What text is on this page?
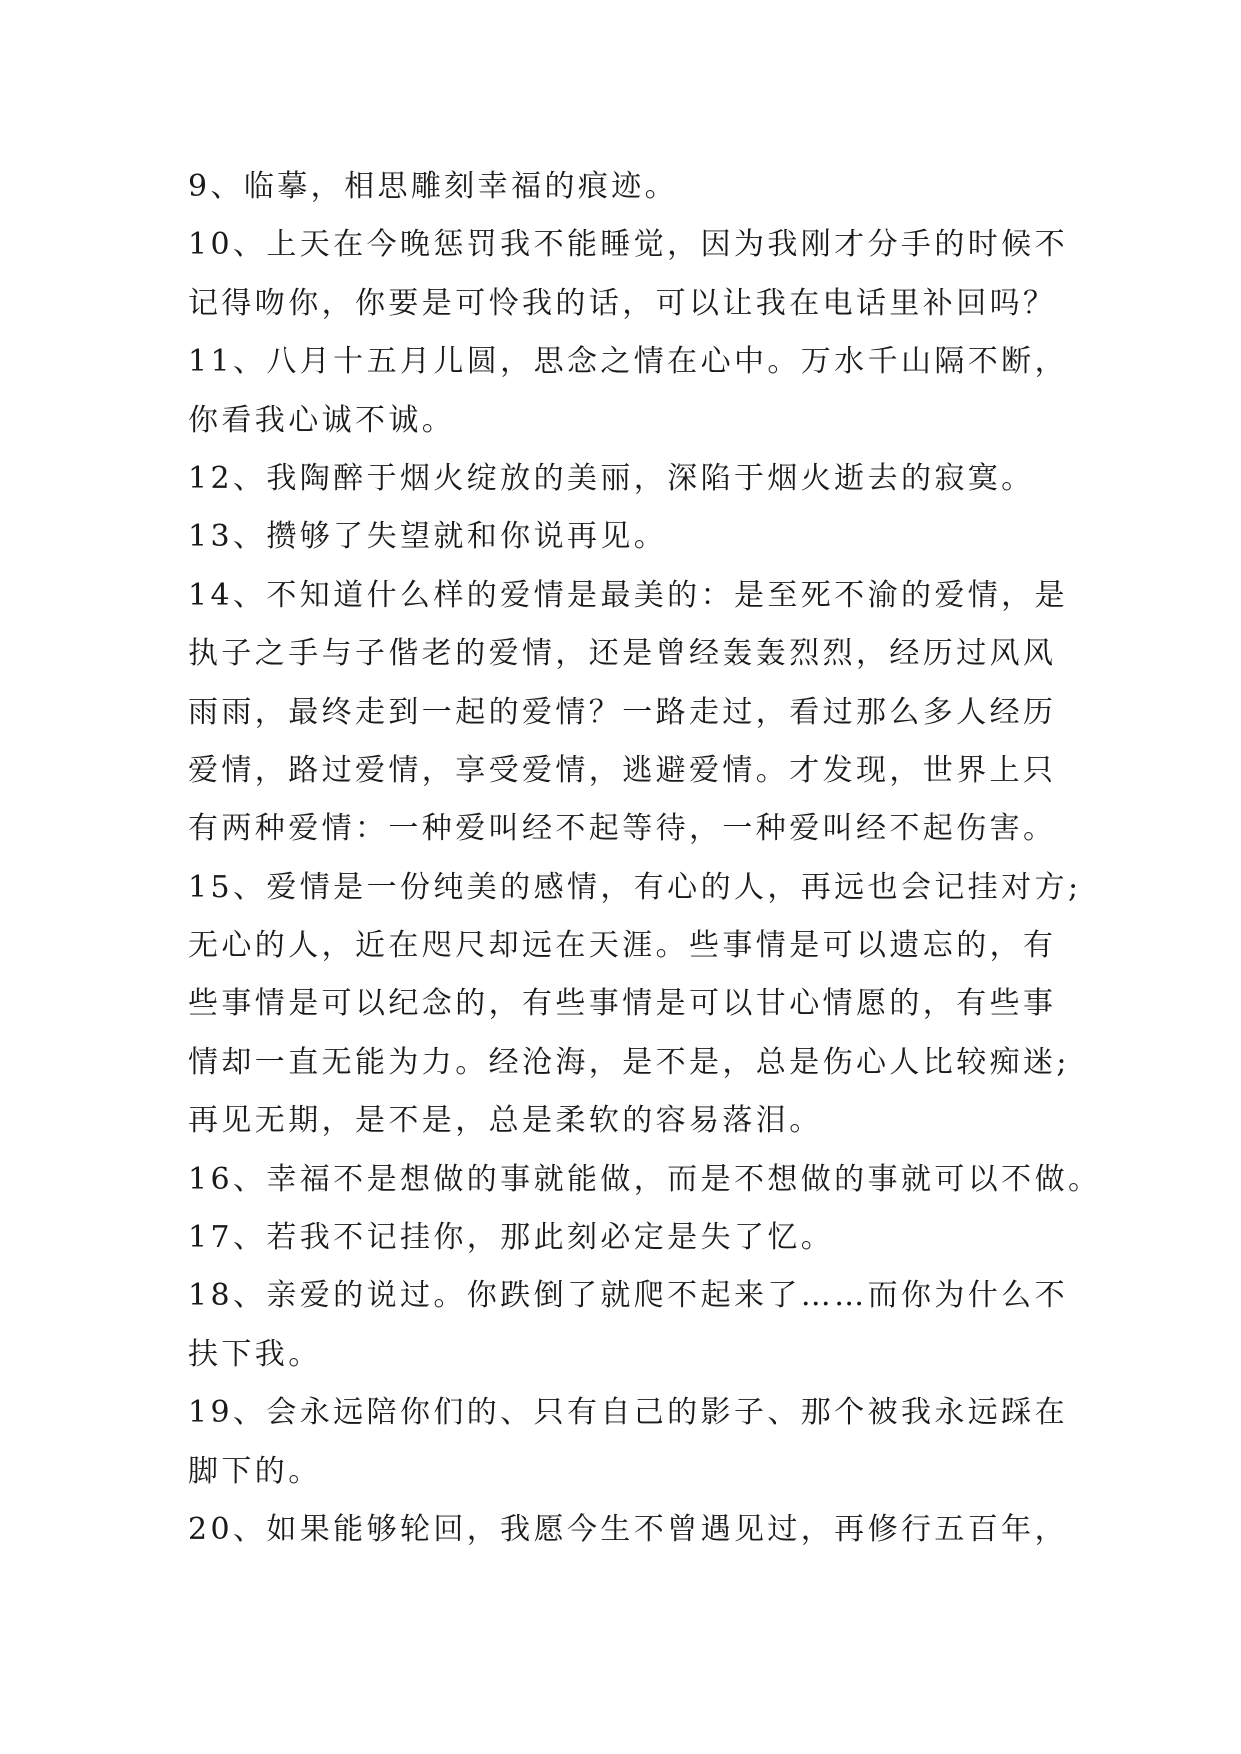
9、临摹，相思雕刻幸福的痕迹。
10、上天在今晚惩罚我不能睡觉，因为我刚才分手的时候不
记得吻你，你要是可怜我的话，可以让我在电话里补回吗？
11、八月十五月儿圆，思念之情在心中。万水千山隔不断，
你看我心诚不诚。
12、我陶醉于烟火绽放的美丽，深陷于烟火逝去的寂寞。
13、攒够了失望就和你说再见。
14、不知道什么样的爱情是最美的：是至死不渝的爱情，是
执子之手与子偕老的爱情，还是曾经轰轰烈烈，经历过风风
雨雨，最终走到一起的爱情？一路走过，看过那么多人经历
爱情，路过爱情，享受爱情，逃避爱情。才发现，世界上只
有两种爱情：一种爱叫经不起等待，一种爱叫经不起伤害。
15、爱情是一份纯美的感情，有心的人，再远也会记挂对方;
无心的人，近在咫尺却远在天涯。些事情是可以遗忘的，有
些事情是可以纪念的，有些事情是可以甘心情愿的，有些事
情却一直无能为力。经沧海，是不是，总是伤心人比较痴迷;
再见无期，是不是，总是柔软的容易落泪。
16、幸福不是想做的事就能做，而是不想做的事就可以不做。
17、若我不记挂你，那此刻必定是失了忆。
18、亲爱的说过。你跌倒了就爬不起来了……而你为什么不
扶下我。
19、会永远陪你们的、只有自己的影子、那个被我永远踩在
脚下的。
20、如果能够轮回，我愿今生不曾遇见过，再修行五百年，
